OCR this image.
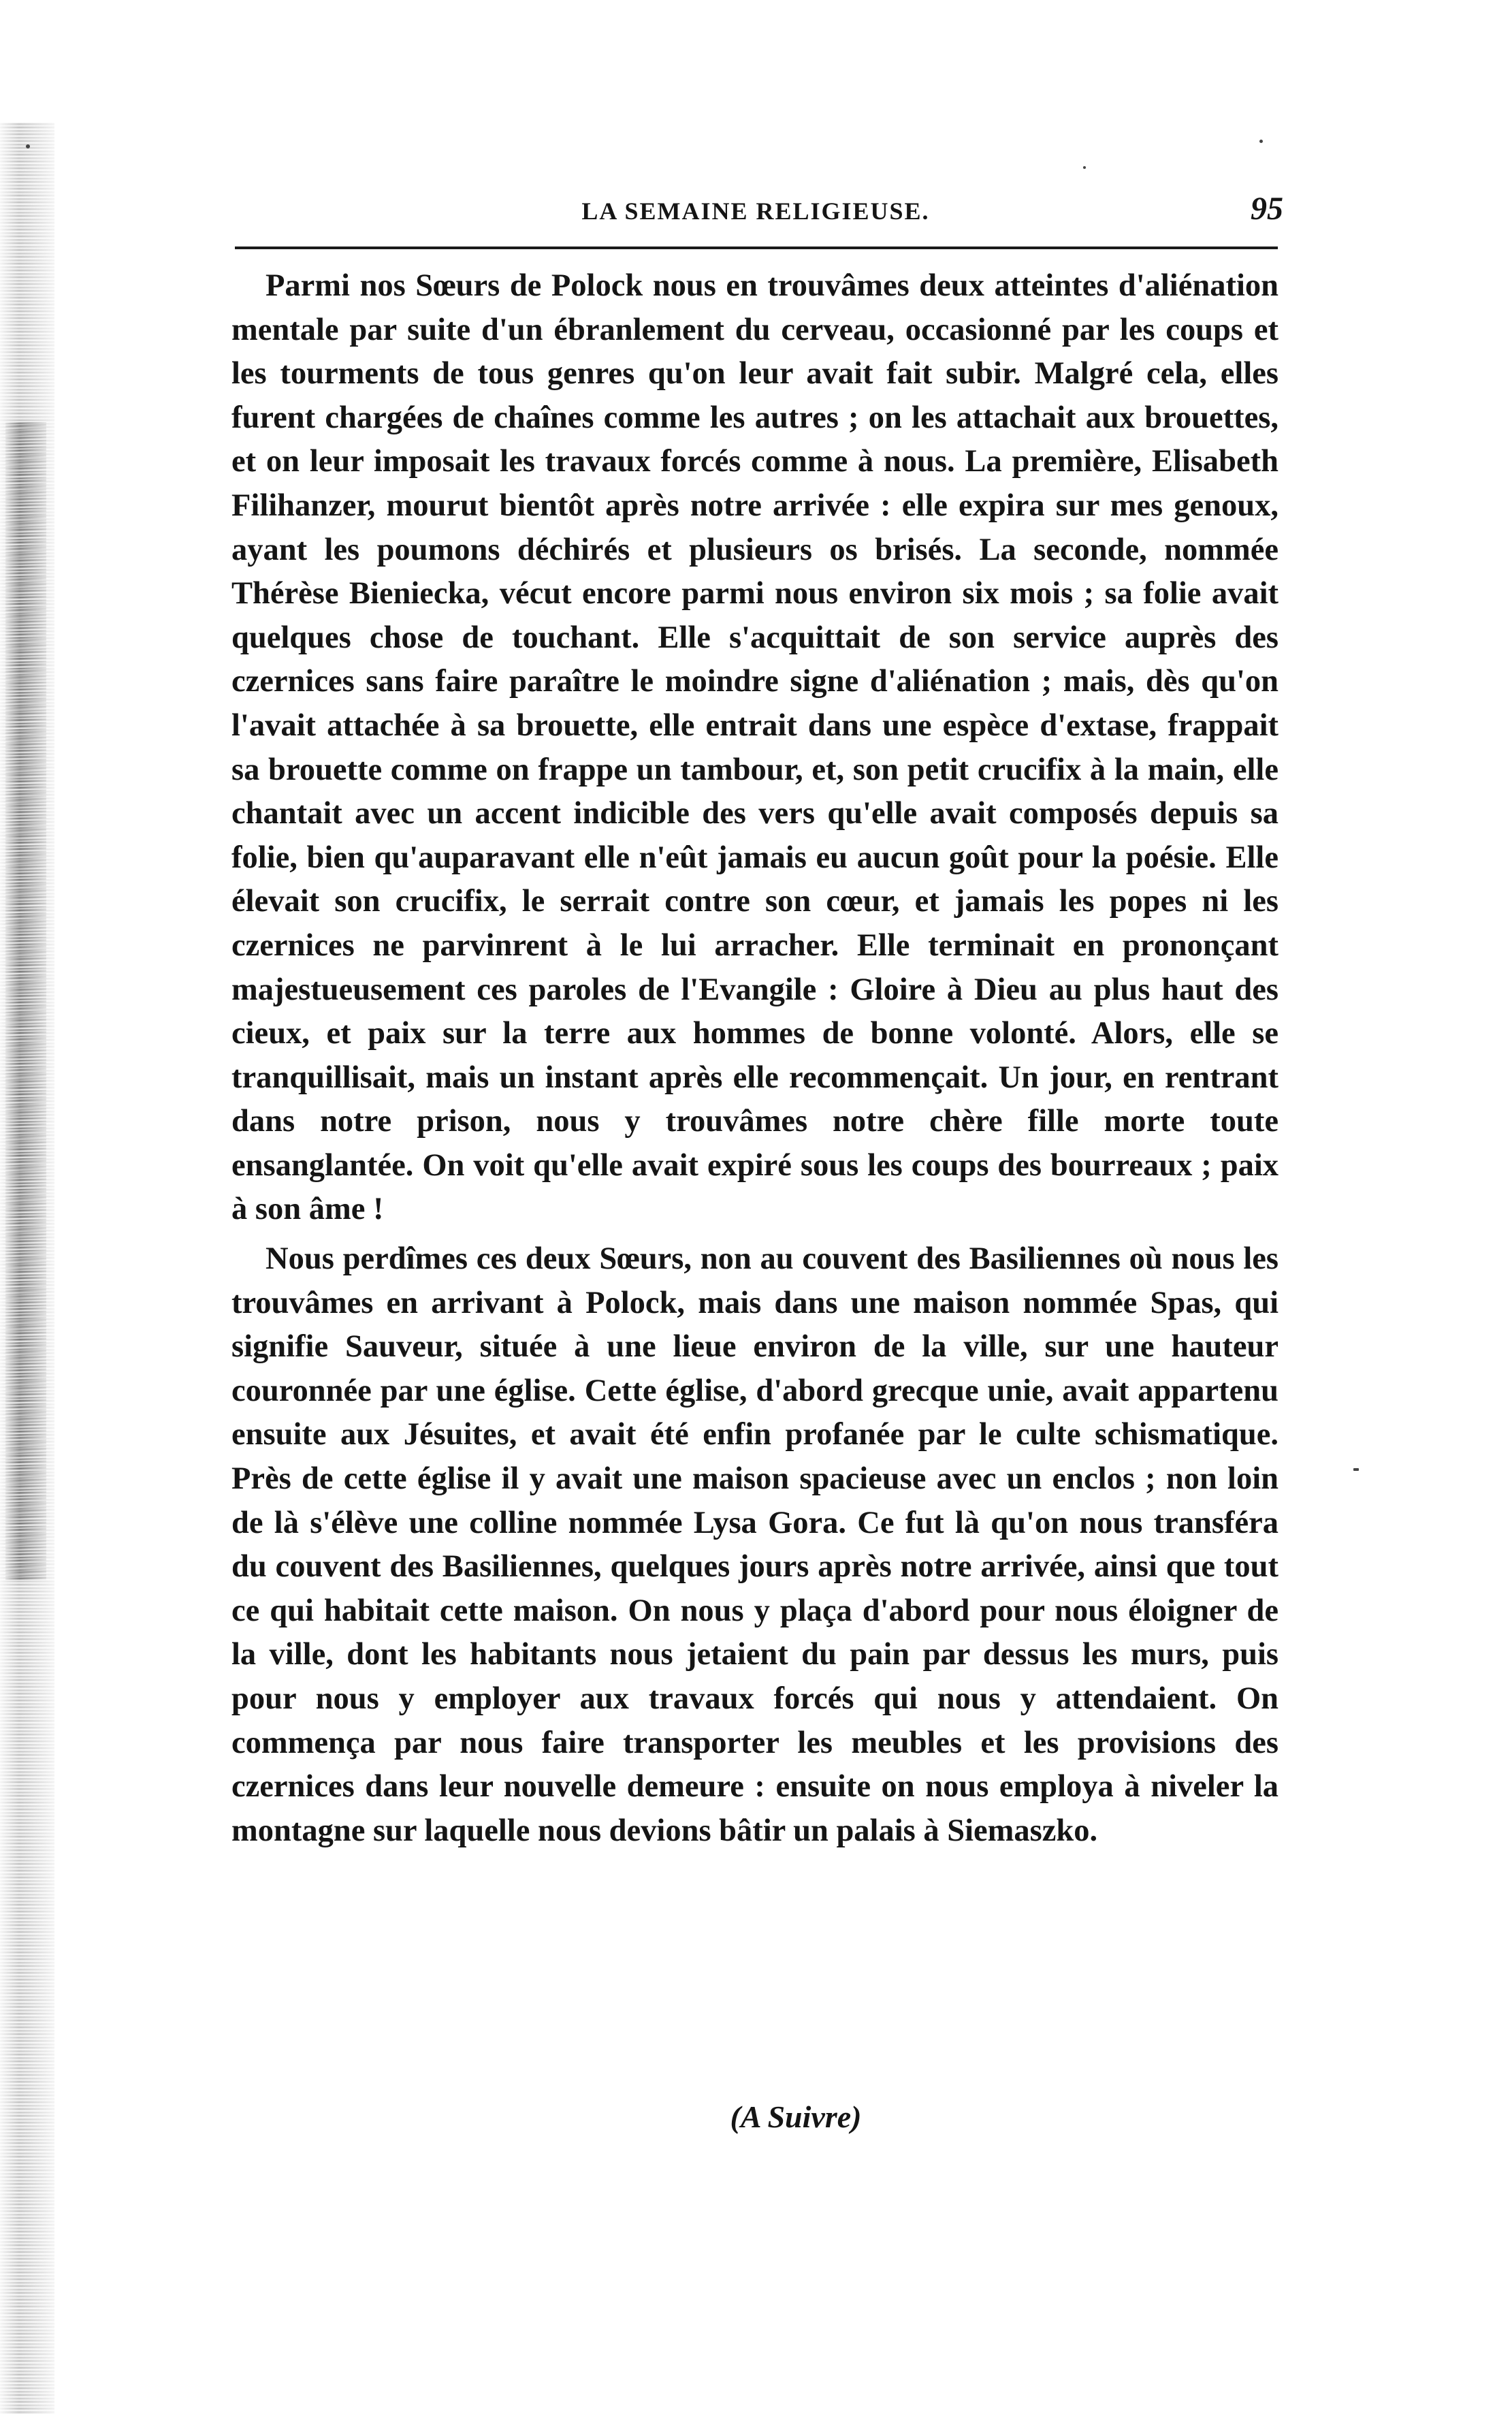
LA SEMAINE RELIGIEUSE.	95

Parmi nos Sœurs de Polock nous en trouvâmes deux atteintes d'aliénation mentale par suite d'un ébranlement du cerveau, occasionné par les coups et les tourments de tous genres qu'on leur avait fait subir. Malgré cela, elles furent chargées de chaînes comme les autres ; on les attachait aux brouettes, et on leur imposait les travaux forcés comme à nous. La première, Elisabeth Filihanzer, mourut bientôt après notre arrivée : elle expira sur mes genoux, ayant les poumons déchirés et plusieurs os brisés. La seconde, nommée Thérèse Bieniecka, vécut encore parmi nous environ six mois ; sa folie avait quelques chose de touchant. Elle s'acquittait de son service auprès des czernices sans faire paraître le moindre signe d'aliénation ; mais, dès qu'on l'avait attachée à sa brouette, elle entrait dans une espèce d'extase, frappait sa brouette comme on frappe un tambour, et, son petit crucifix à la main, elle chantait avec un accent indicible des vers qu'elle avait composés depuis sa folie, bien qu'auparavant elle n'eût jamais eu aucun goût pour la poésie. Elle élevait son crucifix, le serrait contre son cœur, et jamais les popes ni les czernices ne parvinrent à le lui arracher. Elle terminait en prononçant majestueusement ces paroles de l'Evangile : Gloire à Dieu au plus haut des cieux, et paix sur la terre aux hommes de bonne volonté. Alors, elle se tranquillisait, mais un instant après elle recommençait. Un jour, en rentrant dans notre prison, nous y trouvâmes notre chère fille morte toute ensanglantée. On voit qu'elle avait expiré sous les coups des bourreaux ; paix à son âme !

Nous perdîmes ces deux Sœurs, non au couvent des Basiliennes où nous les trouvâmes en arrivant à Polock, mais dans une maison nommée Spas, qui signifie Sauveur, située à une lieue environ de la ville, sur une hauteur couronnée par une église. Cette église, d'abord grecque unie, avait appartenu ensuite aux Jésuites, et avait été enfin profanée par le culte schismatique. Près de cette église il y avait une maison spacieuse avec un enclos ; non loin de là s'élève une colline nommée Lysa Gora. Ce fut là qu'on nous transféra du couvent des Basiliennes, quelques jours après notre arrivée, ainsi que tout ce qui habitait cette maison. On nous y plaça d'abord pour nous éloigner de la ville, dont les habitants nous jetaient du pain par dessus les murs, puis pour nous y employer aux travaux forcés qui nous y attendaient. On commença par nous faire transporter les meubles et les provisions des czernices dans leur nouvelle demeure : ensuite on nous employa à niveler la montagne sur laquelle nous devions bâtir un palais à Siemaszko.

(A Suivre)
